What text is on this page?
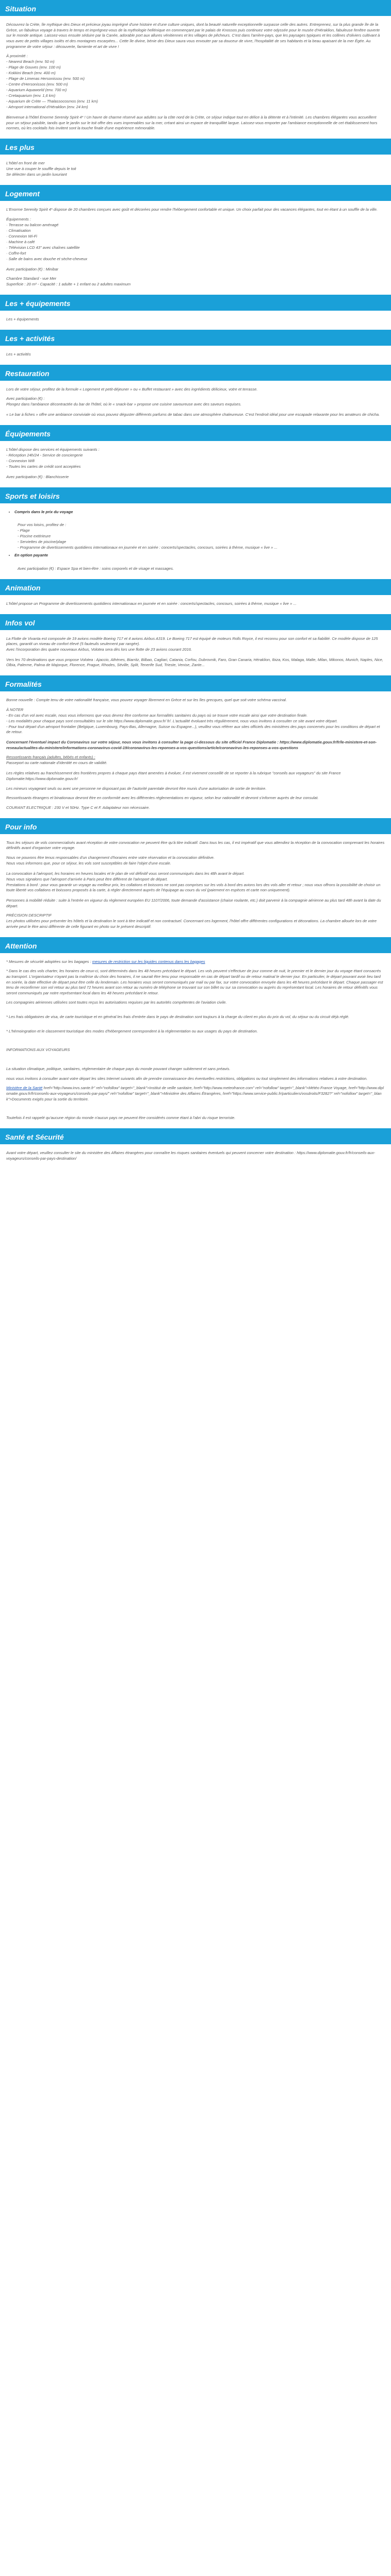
Situation

Découvrez la Crète, île mythique des Dieux et précieux joyau imprégné d'une histoire et d'une culture uniques, dont la beauté naturelle exceptionnelle surpasse celle des autres. Entreprenez, sur la plus grande île de la Grèce, un fabuleux voyage à travers le temps et imprégnez-vous de la mythologie hellénique en commençant par le palais de Knossos puis continuez votre odyssée pour le musée d'Héraklion, fabuleuse fenêtre ouverte sur le monde antique. Laissez-vous ensuite séduire par la Canée, adorable port aux allures vénitiennes et les villages de pêcheurs. C'est dans l'arrière-pays, que les paysages typiques et les collines d'oliviers cultivant à vous avec de petits villages isolés et des montagnes escarpées... Cette île divine, bénie des Dieux saura vous envouter par sa douceur de vivre, l'hospitalité de ses habitants et la beau apaisant de la mer Égée. Au programme de votre séjour : découverte, farniente et art de vivre !

À proximité :
- Nearest Beach (env. 50 m)
- Plage de Gouves (env. 100 m)
- Kokkini Beach (env. 400 m)
- Plage de Limenas Hersonissou (env. 500 m)
- Centre d'Hersonissos (env. 500 m)
- Aquarium Aquaworld (env. 700 m)
- Cretaquarium (env. 1,6 km)
- Aquarium de Crète — Thalassocosmos (env. 11 km)
- Aéroport international d'Héraklion (env. 24 km)

Bienvenue à l'hôtel Enorme Serenity Spirit 4* ! Un havre de charme réservé aux adultes sur la côte nord de la Crète, ce séjour indique tout en délice à la détente et à l'intimité. Les chambres élégantes vous accueillent pour un séjour paisible, tandis que le jardin sur le toit offre des vues imprenables sur la mer, créant ainsi un espace de tranquillité largue. Laissez-vous emporter par l'ambiance exceptionnelle de cet établissement hors normes, où les cocktails fois invitent sont la touche finale d'une expérience mémorable.

Les plus
L'hôtel en front de mer
Une vue à couper le souffle depuis le toit
Se délecter dans un jardin luxuriant
Logement

L'Enorme Serenity Spirit 4* dispose de 20 chambres conçues avec goût et décorées pour rendre l'hébergement confortable et unique. Un choix parfait pour des vacances élégantes, tout en étant à un souffle de la ville.

Équipements :
· Terrasse ou balcon aménagé
· Climatisation
· Connexion Wi-Fi
· Machine à café
· Télévision LCD 43'' avec chaînes satellite
· Coffre-fort
· Salle de bains avec douche et sèche-cheveux

Avec participation (€) : Minibar

Chambre Standard - vue Mer
Superficie : 20 m² - Capacité : 1 adulte + 1 enfant ou 2 adultes maximum
Les + équipements

Les + équipements

Les + activités

Les + activités

Restauration

Lors de votre séjour, profitez de la formule « Logement et petit-déjeuner » ou « Buffet restaurant » avec des ingrédients délicieux, votre et terrasse.

Avec participation (€) :
Plongez dans l'ambiance décontractée du bar de l'hôtel, où le « snack-bar » propose une cuisine savoureuse avec des saveurs exquises.

« Le bar à fiches » offre une ambiance conviviale où vous pouvez déguster différents parfums de tabac dans une atmosphère chaleureuse. C'est l'endroit idéal pour une escapade relaxante pour les amateurs de chicha.

Équipements
L'hôtel dispose des services et équipements suivants :
- Réception 24h/24 - Service de conciergerie
- Connexion Wifi
- Toutes les cartes de crédit sont acceptées

Avec participation (€) : Blanchisserie

Sports et loisirs
• Compris dans le prix du voyage
Pour vos loisirs, profitez de :
- Plage
- Piscine extérieure
- Serviettes de piscine/plage
- Programme de divertissements quotidiens internationaux en journée et en soirée : concerts/spectacles, concours, soirées à thème, musique « live » ...
• En option payante
Avec participation (€) : Espace Spa et bien-être : soins corporels et de visage et massages.
Animation

L'hôtel propose un Programme de divertissements quotidiens internationaux en journée et en soirée : concerts/spectacles, concours, soirées à thème, musique « live » ...

Infos vol
La Flotte de Vivanta est composée de 19 avions modèle Boeing 717 et 4 avions Airbus A319. Le Boeing 717 est équipé de moteurs Rolls Royce, il est reconnu pour son confort et sa fiabilité. Ce modèle dispose de 125 places, garantit un niveau de confort élevé (5 fauteuils seulement par rangée).
Avec l'incorporation des quatre nouveaux Airbus, Volotea sera dès lors une flotte de 23 avions courant 2016.

Vers les 70 destinations que vous propose Volotea : Ajaccio, Athènes, Biarritz, Bilbao, Cagliari, Catania, Corfou, Dubrovnik, Faro, Gran Canaria, Héraklion, Ibiza, Kos, Malaga, Malte, Milan, Mikonos, Munich, Naples, Nice, Olbia, Palerme, Palma de Majorque, Florence, Prague, Rhodes, Séville, Split, Tenerife Sud, Trieste, Venise, Zante...

Formalités

Bonne nouvelle : Compte tenu de votre nationalité française, vous pouvez voyager librement en Grèce et sur les îles grecques, quel que soit votre schéma vaccinal.

À NOTER
- En cas d'un vol avec escale, nous vous informons que vous devrez être conforme aux formalités sanitaires du pays où se trouve votre escale ainsi que votre destination finale.
- Les modalités pour chaque pays sont consultables sur le site https://www.diplomatie.gouv.fr/ fr/. L'actualité évoluant très régulièrement, nous vous invitons à consulter ce site avant votre départ.
- Pour tout départ d'un aéroport frontalier (Belgique, Luxembourg, Pays-Bas, Allemagne, Suisse ou Espagne...), veuillez vous référer aux sites officiels des ministères des pays concernés pour les conditions de départ et de retour.

Concernant l'éventuel impact du Coronavirus sur votre séjour, nous vous invitons à consulter la page ci-dessous du site officiel France Diplomatie : https://www.diplomatie.gouv.fr/fr/le-ministere-et-son-reseau/actualites-du-ministere/informations-coronavirus-covid-19/coronavirus-les-reponses-a-vos-questions/article/coronavirus-les-reponses-a-vos-questions

Ressortissants français (adultes, bébés et enfants) :
Passeport ou carte nationale d'identité en cours de validité.

Les règles relatives au franchissement des frontières propres à chaque pays étant amenées à évoluer, il est vivement conseillé de se reporter à la rubrique "conseils aux voyageurs" du site France Diplomatie:https://www.diplomatie.gouv.fr/

Les mineurs voyageant seuls ou avec une personne ne disposant pas de l'autorité parentale devront être munis d'une autorisation de sortie de territoire.

Ressortissants étrangers et binationaux devront être en conformité avec les différentes réglementations en vigueur, selon leur nationalité et devront s'informer auprès de leur consulat.

COURANT ELECTRIQUE : 230 V et 50Hz. Type C et F. Adaptateur non nécessaire.

Pour info

Tous les séjours de vols commercialisés avant réception de votre convocation ne peuvent être qu'à titre indicatif. Dans tous les cas, il est impératif que vous attendiez la réception de la convocation comprenant les horaires définitifs avant d'organiser votre voyage.

Nous ne pouvons être tenus responsables d'un changement d'horaires entre votre réservation et la convocation définitive.
Nous vous informons que, pour ce séjour, les vols sont susceptibles de faire l'objet d'une escale.
La convocation à l'aéroport, les horaires en heures locales et le plan de vol définitif vous seront communiqués dans les 48h avant le départ.
Nous vous signalons que l'aéroport d'arrivée à Paris peut être différent de l'aéroport de départ.
Prestations à bord : pour vous garantir un voyage au meilleur prix, les collations et boissons ne sont pas comprises sur les vols à bord des avions lors des vols aller et retour ; nous vous offrons la possibilité de choisir un toute liberté vos collations et boissons proposés à la carte, à régler directement auprès de l'équipage au cours du vol (paiement en espèces et carte non uniquement).

Personnes à mobilité réduite : suite à l'entrée en vigueur du règlement européen EU 1107/2006, toute demande d'assistance (chaise roulante, etc.) doit parvenir à la compagnie aérienne au plus tard 48h avant la date du départ.

PRÉCISION DESCRIPTIF
Les photos utilisées pour présenter les hôtels et la destination le sont à titre indicatif et non contractuel. Concernant ces logement, l'hôtel offre différentes configurations et décorations. La chambre allouée lors de votre arrivée peut le être ainsi différente de celle figurant en photo sur le présent descriptif.
Attention

* Mesures de sécurité adoptées sur les bagages : mesures de restriction sur les liquides contenus dans les bagages

* Dans le cas des vols charter, les horaires de ceux-ci, sont déterminés dans les 48 heures précédant le départ. Les vols peuvent s'effectuer de jour comme de nuit, le premier et le dernier jour du voyage étant consacrés au transport. L'organisateur n'ayant pas la maîtrise du choix des horaires, il ne saurait être tenu pour responsable en cas de départ tardif ou de retour matinal le dernier jour. En particulier, le départ pouvant avoir lieu tard en soirée, la date effective de départ peut être celle du lendemain. Les horaires vous seront communiqués par mail ou par fax, sur votre convocation envoyée dans les 48 heures précédant le départ. Chaque passager est tenu de reconfirmer son vol retour au plus tard 72 heures avant son retour au numéro de téléphone se trouvant sur son billet ou sur sa convocation ou auprès du représentant local. Les horaires de retour définitifs vous seront communiqués par notre représentant local dans les 48 heures précédant le retour.

Les compagnies aériennes utilisées sont toutes reçus les autorisations requises par les autorités compétentes de l'aviation civile.

* Les frais obligatoires de visa, de carte touristique et en général les frais d'entrée dans le pays de destination sont toujours à la charge du client en plus du prix du vol, du séjour ou du circuit déjà réglé.

* L'hémoingration et le classement touristique des modes d'hébergement correspondent à la réglementation ou aux usages du pays de destination.

INFORMATIONS AUX VOYAGEURS

La situation climatique, politique, sanitaires, réglementaire de chaque pays du monde pouvant changer subitement et sans préavis.

nous vous invitons à consulter avant votre départ les sites Internet suivants afin de prendre connaissance des éventuelles restrictions, obligations ou tout simplement des informations relatives à votre destination.

Ministère de la Santé href="http://www.invs.sante.fr" rel="nofollow" target="_blank">Institut de veille sanitaire, href="http://www.meteofrance.com" rel="nofollow" target="_blank">Météo France Voyage, href="http://www.diplomatie.gouv.fr/fr/conseils-aux-voyageurs/conseils-par-pays/" rel="nofollow" target="_blank">Ministère des Affaires Étrangères, href="https://www.service-public.fr/particuliers/vosdroits/F3282?" rel="nofollow" target="_blank">Documents exigés pour la sortie du territoire.

Toutefois il est rappelé qu'aucune région du monde n'aucun pays ne peuvent être considérés comme étant à l'abri du risque terroriste.

Santé et Sécurité

Avant votre départ, veuillez consulter le site du ministère des Affaires étrangères pour connaître les risques sanitaires éventuels qui peuvent concerner votre destination : https://www.diplomatie.gouv.fr/fr/conseils-aux-voyageurs/conseils-par-pays-destination/
